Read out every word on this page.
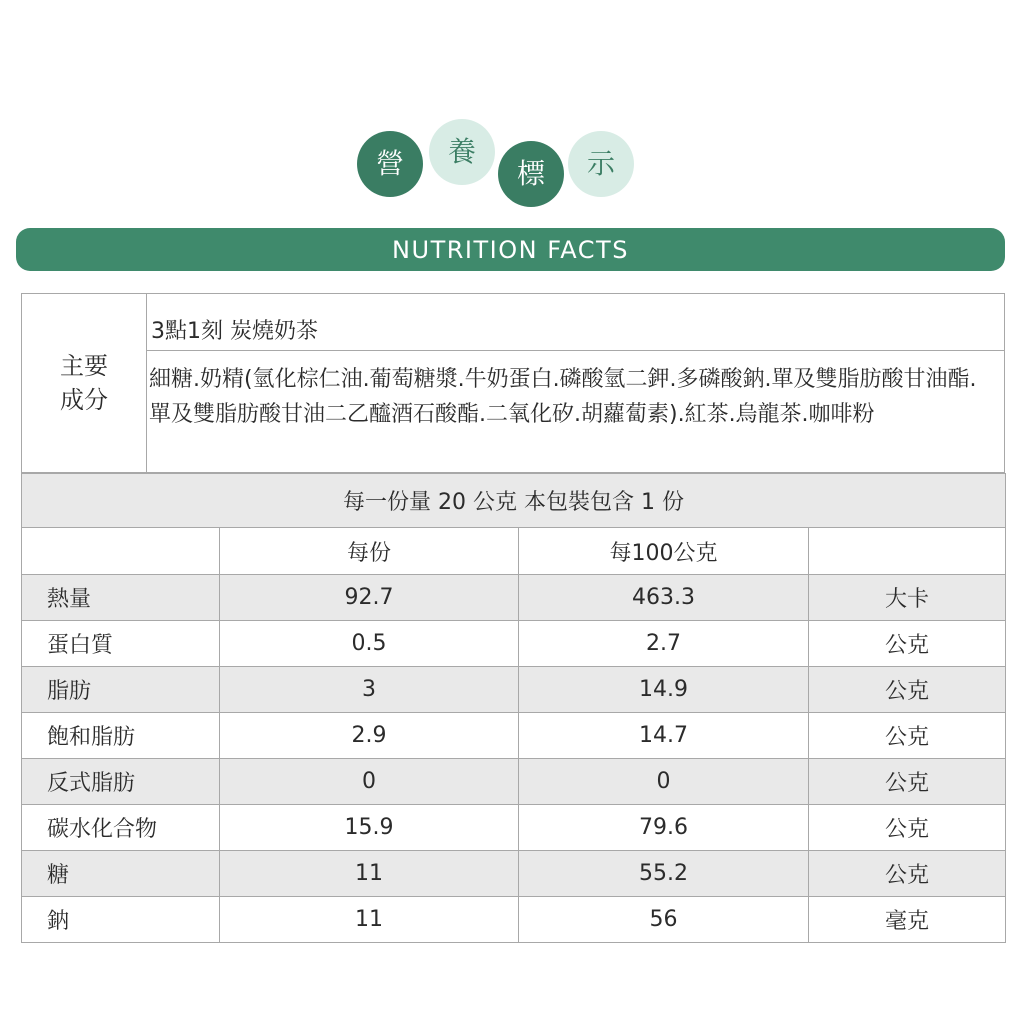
營	養
標	示
NUTRITION FACTS
主要
成分
3點1刻 炭燒奶茶
細糖.奶精(氫化棕仁油.葡萄糖漿.牛奶蛋白.磷酸氫二鉀.多磷酸鈉.單及雙脂肪酸甘油酯.單及雙脂肪酸甘油二乙醯酒石酸酯.二氧化矽.胡蘿蔔素).紅茶.烏龍茶.咖啡粉
每一份量 20 公克 本包裝包含 1 份			
	每份	每100公克	
熱量	92.7	463.3	大卡
蛋白質	0.5	2.7	公克
脂肪	3	14.9	公克
飽和脂肪	2.9	14.7	公克
反式脂肪	0	0	公克
碳水化合物	15.9	79.6	公克
糖	11	55.2	公克
鈉	11	56	毫克
